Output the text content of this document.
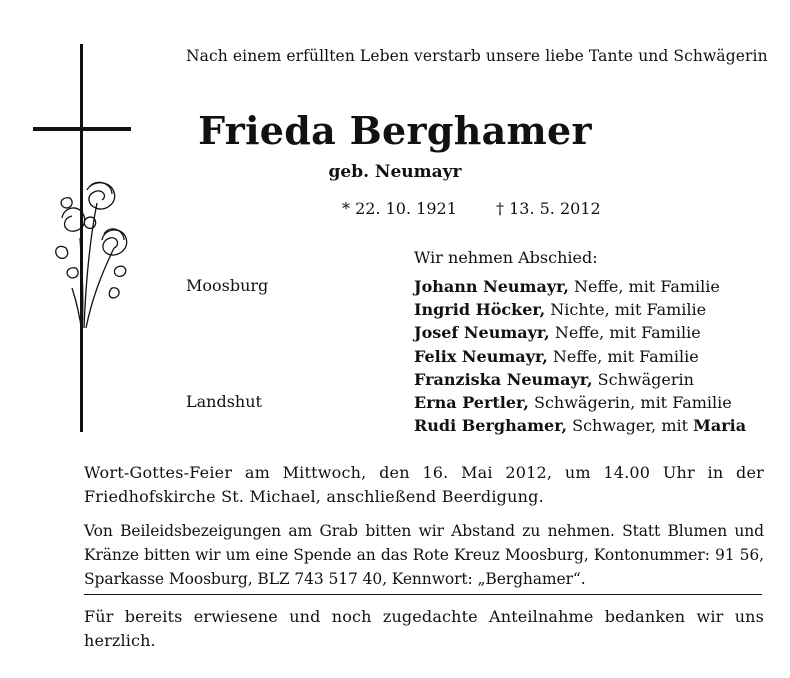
Nach einem erfüllten Leben verstarb unsere liebe Tante und Schwägerin
Frieda Berghamer
geb. Neumayr
* 22. 10. 1921 † 13. 5. 2012
Wir nehmen Abschied:
Moosburg
Landshut
Johann Neumayr, Neffe, mit Familie
Ingrid Höcker, Nichte, mit Familie
Josef Neumayr, Neffe, mit Familie
Felix Neumayr, Neffe, mit Familie
Franziska Neumayr, Schwägerin
Erna Pertler, Schwägerin, mit Familie
Rudi Berghamer, Schwager, mit Maria
Wort-Gottes-Feier am Mittwoch, den 16. Mai 2012, um 14.00 Uhr in der Friedhofskirche St. Michael, anschließend Beerdigung.
Von Beileidsbezeigungen am Grab bitten wir Abstand zu nehmen. Statt Blumen und Kränze bitten wir um eine Spende an das Rote Kreuz Moosburg, Kontonummer: 91 56, Sparkasse Moosburg, BLZ 743 517 40, Kennwort: „Berghamer“.
Für bereits erwiesene und noch zugedachte Anteilnahme bedanken wir uns herzlich.
